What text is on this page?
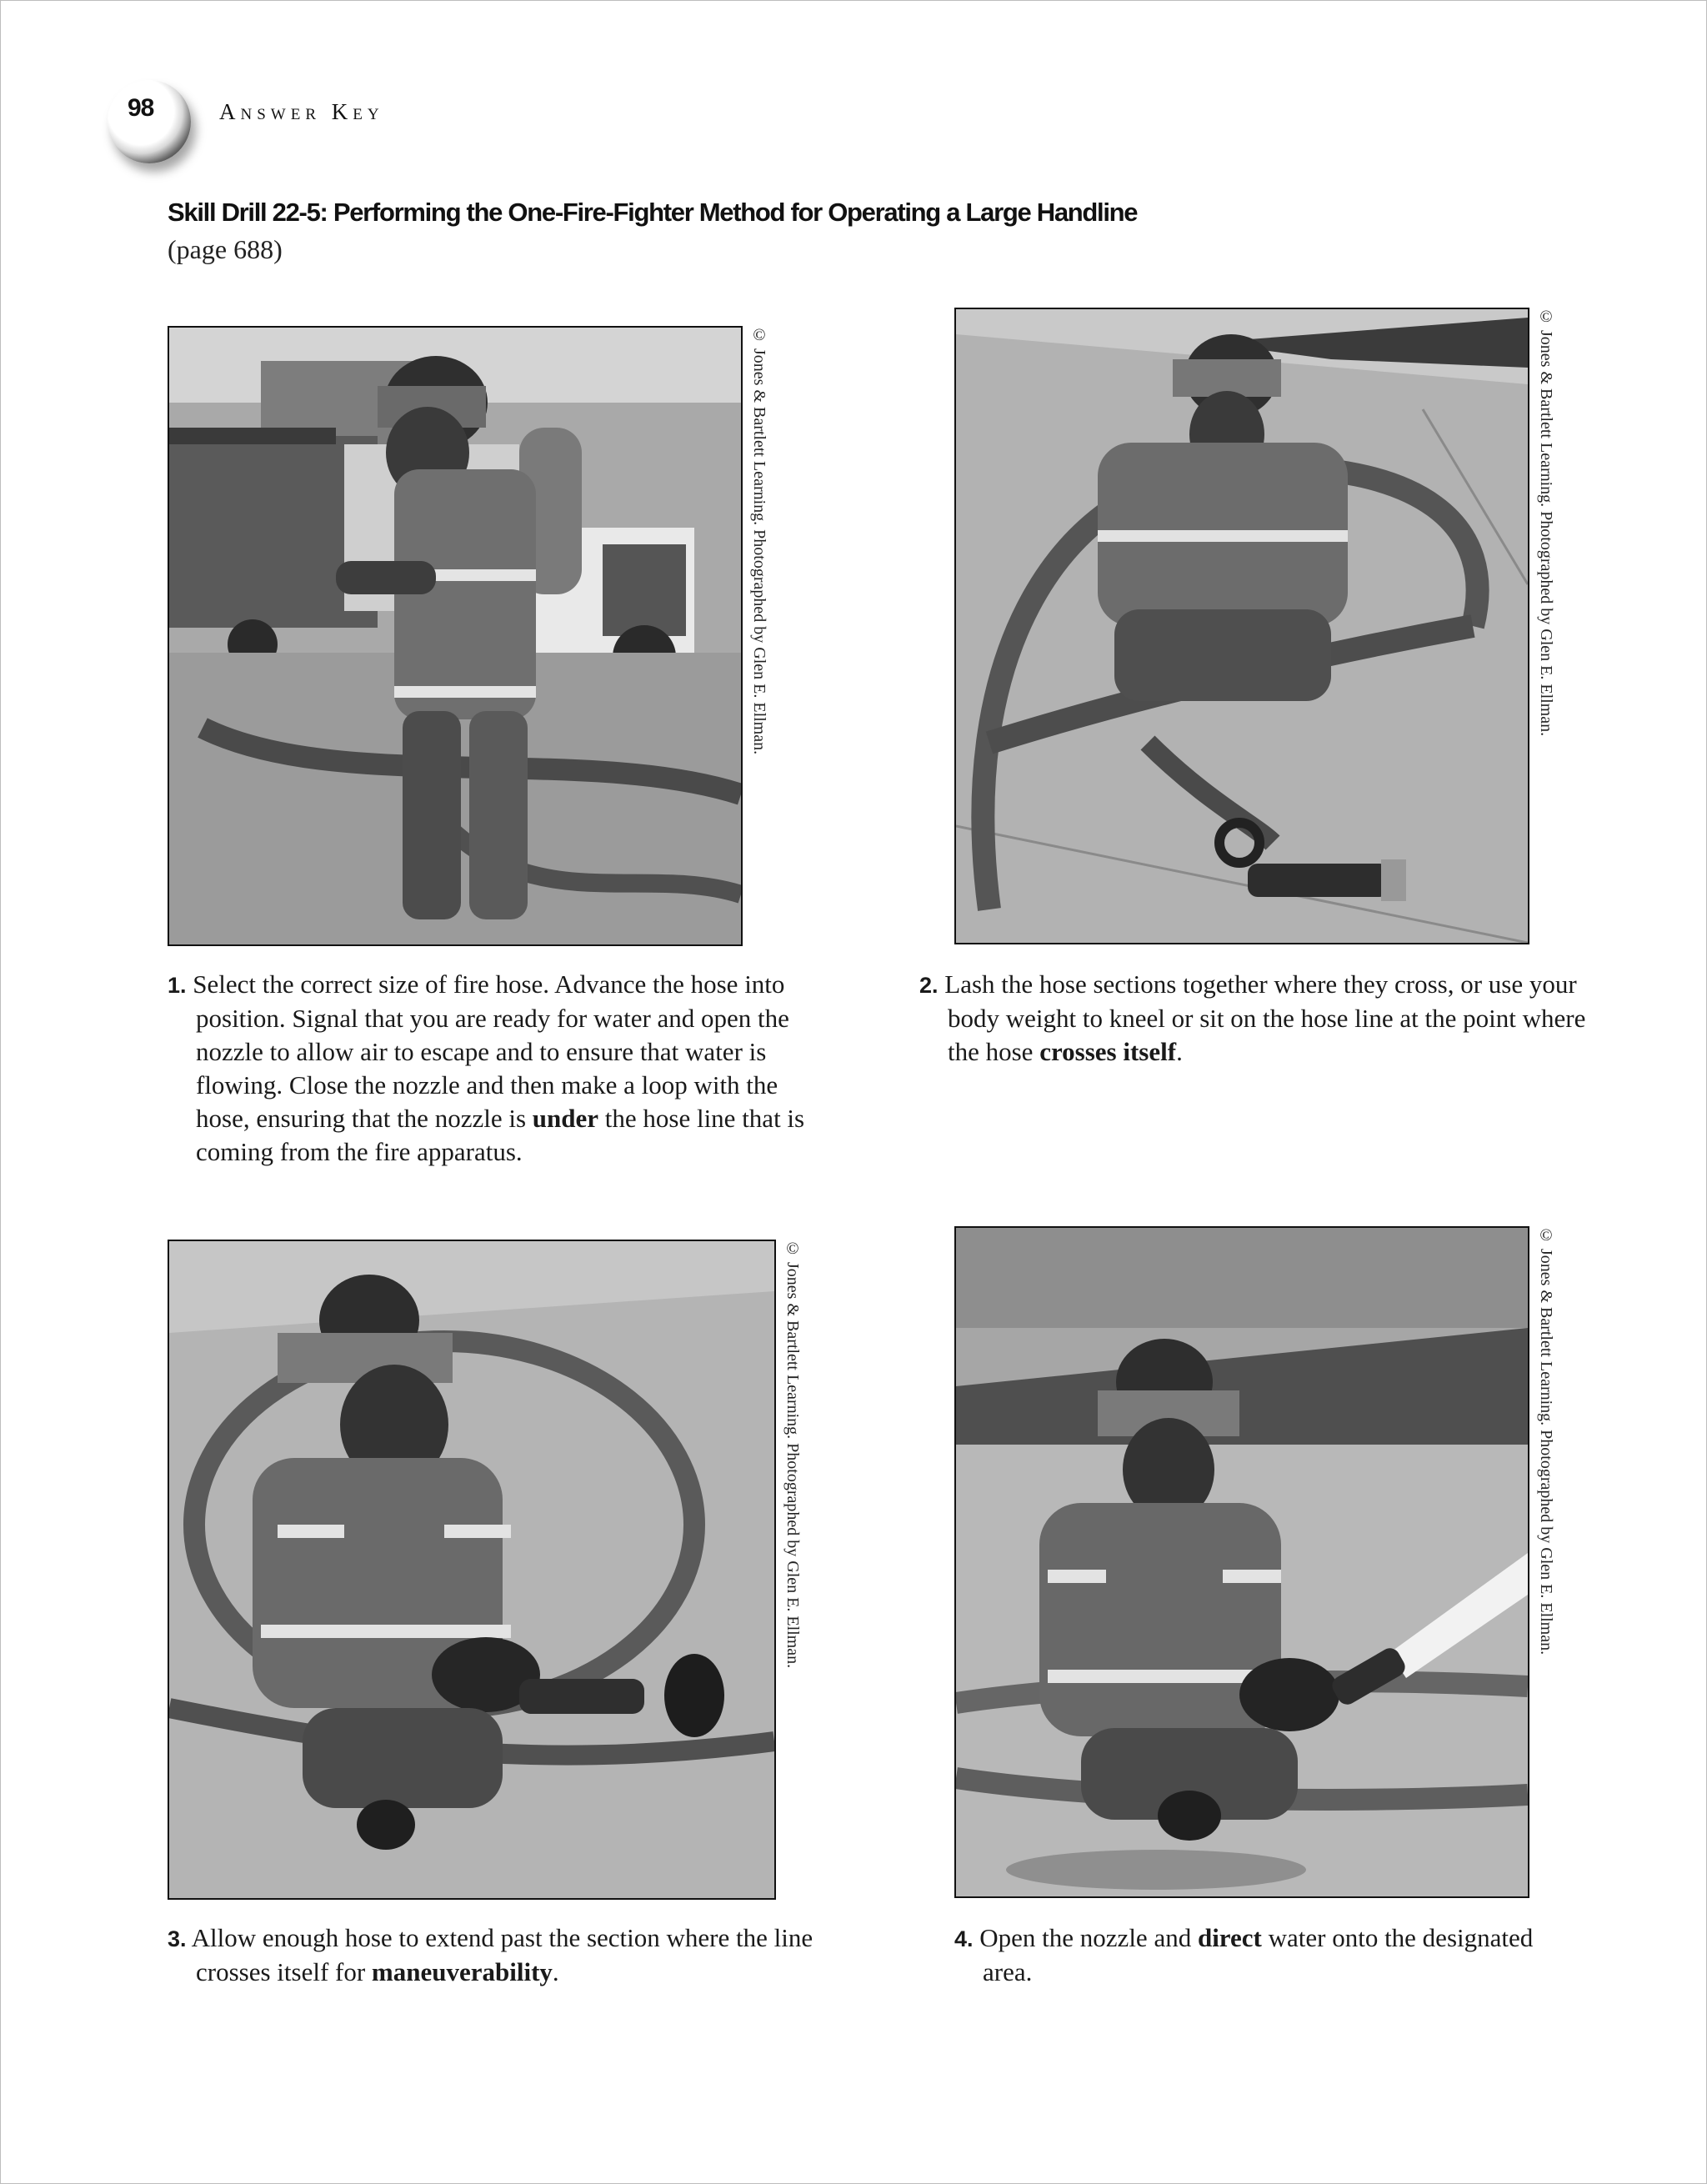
98	Answer Key
Skill Drill 22-5: Performing the One-Fire-Fighter Method for Operating a Large Handline
(page 688)
© Jones & Bartlett Learning. Photographed by Glen E. Ellman.	© Jones & Bartlett Learning. Photographed by Glen E. Ellman.
1. Select the correct size of fire hose. Advance the hose into position. Signal that you are ready for water and open the nozzle to allow air to escape and to ensure that water is flowing. Close the nozzle and then make a loop with the hose, ensuring that the nozzle is under the hose line that is coming from the fire apparatus.
2. Lash the hose sections together where they cross, or use your body weight to kneel or sit on the hose line at the point where the hose crosses itself.
© Jones & Bartlett Learning. Photographed by Glen E. Ellman.	© Jones & Bartlett Learning. Photographed by Glen E. Ellman.
3. Allow enough hose to extend past the section where the line crosses itself for maneuverability.
4. Open the nozzle and direct water onto the designated area.
